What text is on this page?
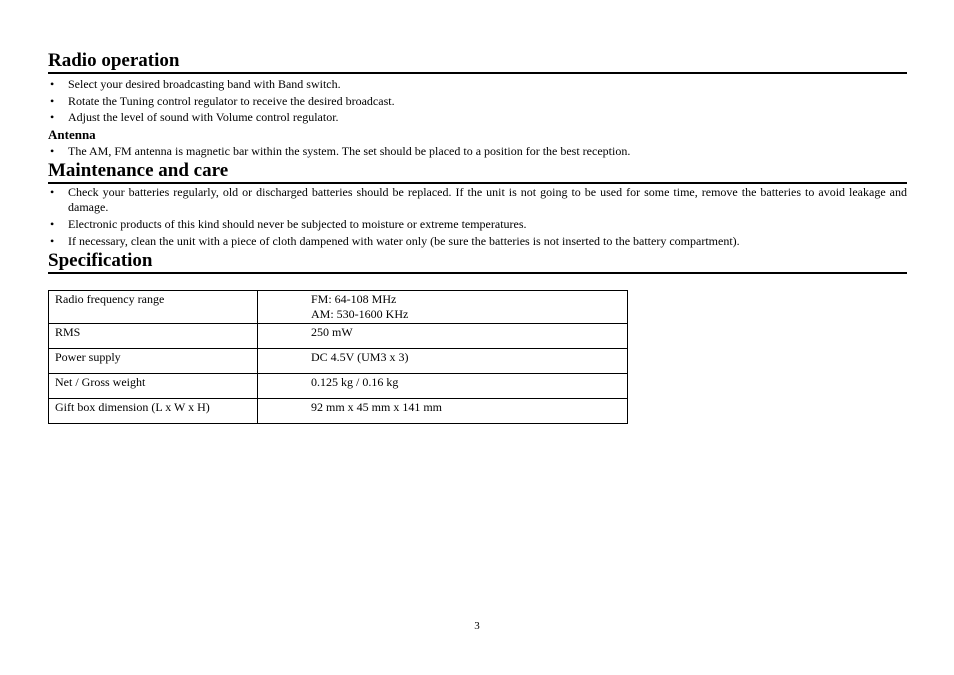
Radio operation
• Select your desired broadcasting band with Band switch.
• Rotate the Tuning control regulator to receive the desired broadcast.
• Adjust the level of sound with Volume control regulator.
Antenna
• The AM, FM antenna is magnetic bar within the system. The set should be placed to a position for the best reception.
Maintenance and care
• Check your batteries regularly, old or discharged batteries should be replaced. If the unit is not going to be used for some time, remove the batteries to avoid leakage and damage.
• Electronic products of this kind should never be subjected to moisture or extreme temperatures.
• If necessary, clean the unit with a piece of cloth dampened with water only (be sure the batteries is not inserted to the battery compartment).
Specification
Radio frequency range	FM: 64-108 MHz
AM: 530-1600 KHz

RMS	250 mW
Power supply	DC 4.5V (UM3 x 3)
Net / Gross weight	0.125 kg / 0.16 kg
Gift box dimension (L x W x H)	92 mm x 45 mm x 141 mm
3
